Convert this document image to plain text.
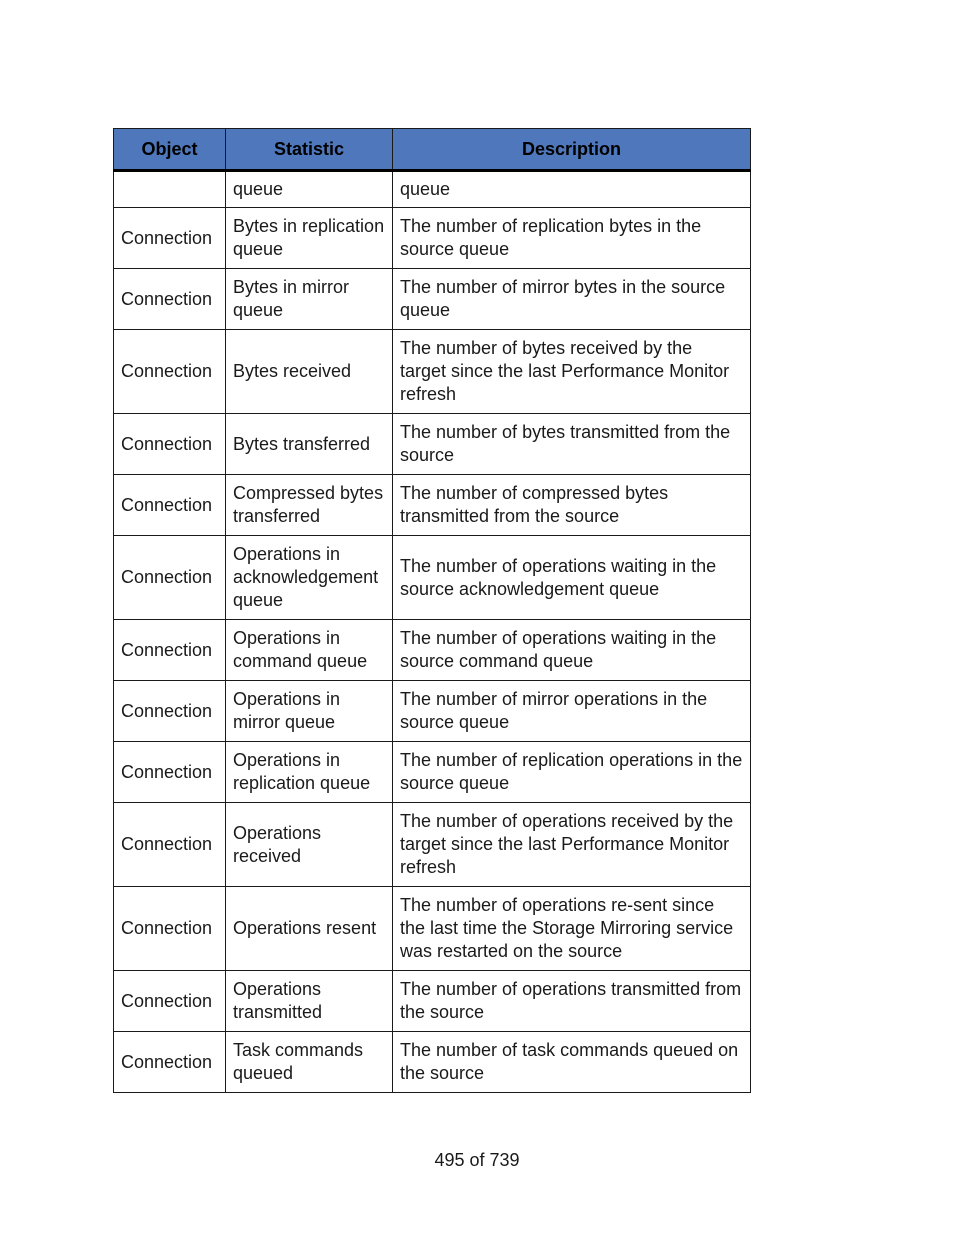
Object	Statistic	Description
	queue	queue
Connection	Bytes in replication queue	The number of replication bytes in the source queue
Connection	Bytes in mirror queue	The number of mirror bytes in the source queue
Connection	Bytes received	The number of bytes received by the target since the last Performance Monitor refresh
Connection	Bytes transferred	The number of bytes transmitted from the source
Connection	Compressed bytes transferred	The number of compressed bytes transmitted from the source
Connection	Operations in acknowledgement queue	The number of operations waiting in the source acknowledgement queue
Connection	Operations in command queue	The number of operations waiting in the source command queue
Connection	Operations in mirror queue	The number of mirror operations in the source queue
Connection	Operations in replication queue	The number of replication operations in the source queue
Connection	Operations received	The number of operations received by the target since the last Performance Monitor refresh
Connection	Operations resent	The number of operations re-sent since the last time the Storage Mirroring service was restarted on the source
Connection	Operations transmitted	The number of operations transmitted from the source
Connection	Task commands queued	The number of task commands queued on the source
495 of 739
